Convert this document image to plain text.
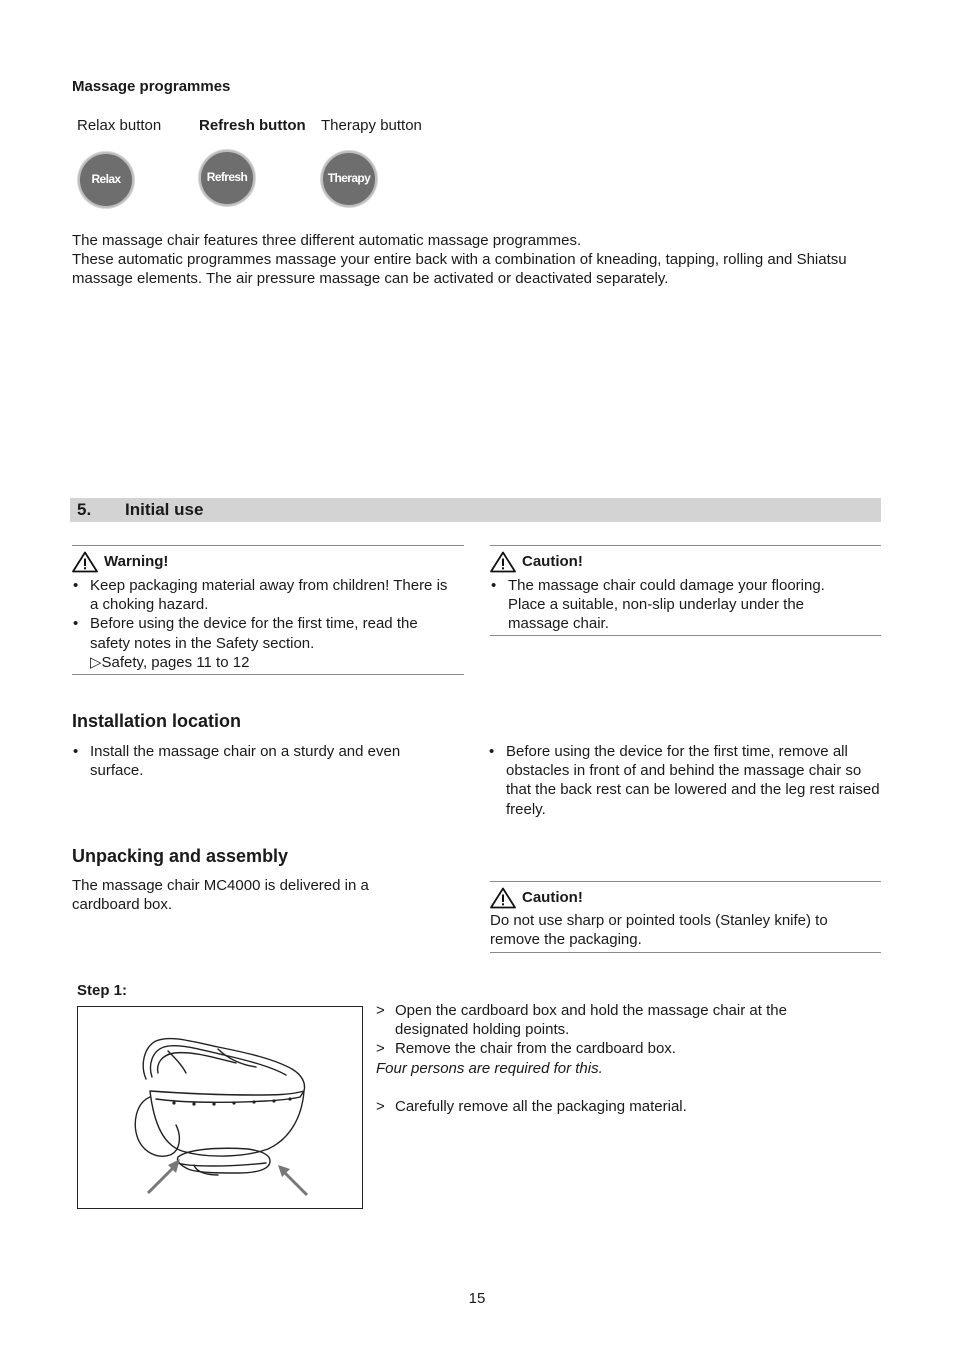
Massage programmes
Relax button	Refresh button Therapy button
Relax	Refresh	Therapy
The massage chair features three different automatic massage programmes.
These automatic programmes massage your entire back with a combination of kneading, tapping, rolling and Shiatsu massage elements. The air pressure massage can be activated or deactivated separately.
5. Initial use
Warning!
• Keep packaging material away from children! There is a choking hazard.
• Before using the device for the first time, read the safety notes in the Safety section.
▷Safety, pages 11 to 12
Caution!
• The massage chair could damage your flooring. Place a suitable, non-slip underlay under the massage chair.
Installation location
• Install the massage chair on a sturdy and even surface.
• Before using the device for the first time, remove all obstacles in front of and behind the massage chair so that the back rest can be lowered and the leg rest raised freely.
Unpacking and assembly
The massage chair MC4000 is delivered in a cardboard box.	Caution!
Do not use sharp or pointed tools (Stanley knife) to remove the packaging.
Step 1:
> Open the cardboard box and hold the massage chair at the designated holding points.
> Remove the chair from the cardboard box.
Four persons are required for this.
> Carefully remove all the packaging material.
15
